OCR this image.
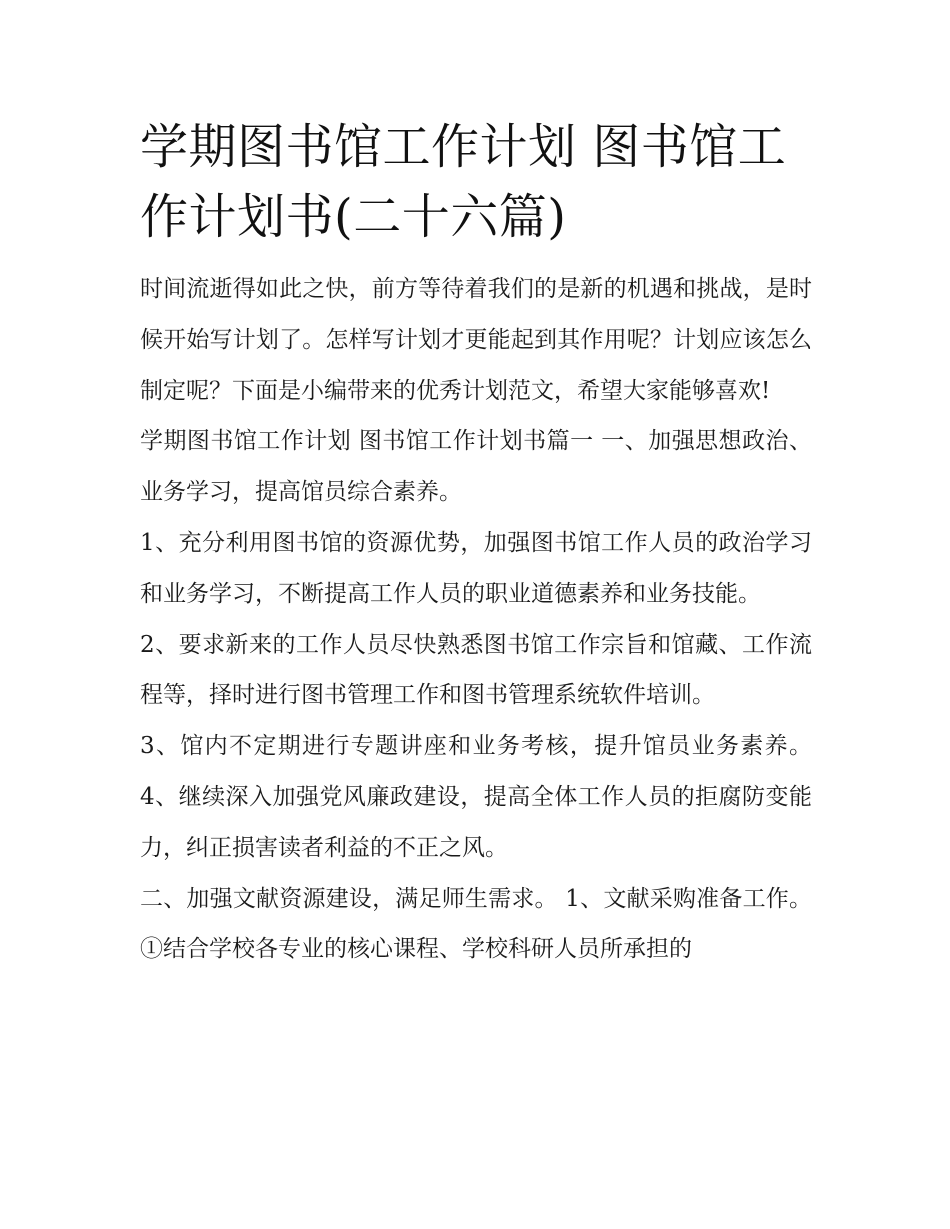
学期图书馆工作计划 图书馆工作计划书(二十六篇)

时间流逝得如此之快，前方等待着我们的是新的机遇和挑战，是时候开始写计划了。怎样写计划才更能起到其作用呢？计划应该怎么制定呢？下面是小编带来的优秀计划范文，希望大家能够喜欢!

学期图书馆工作计划 图书馆工作计划书篇一 一、加强思想政治、业务学习，提高馆员综合素养。

1、充分利用图书馆的资源优势，加强图书馆工作人员的政治学习和业务学习，不断提高工作人员的职业道德素养和业务技能。

2、要求新来的工作人员尽快熟悉图书馆工作宗旨和馆藏、工作流程等，择时进行图书管理工作和图书管理系统软件培训。

3、馆内不定期进行专题讲座和业务考核，提升馆员业务素养。 4、继续深入加强党风廉政建设，提高全体工作人员的拒腐防变能力，纠正损害读者利益的不正之风。

二、加强文献资源建设，满足师生需求。 1、文献采购准备工作。 ①结合学校各专业的核心课程、学校科研人员所承担的
